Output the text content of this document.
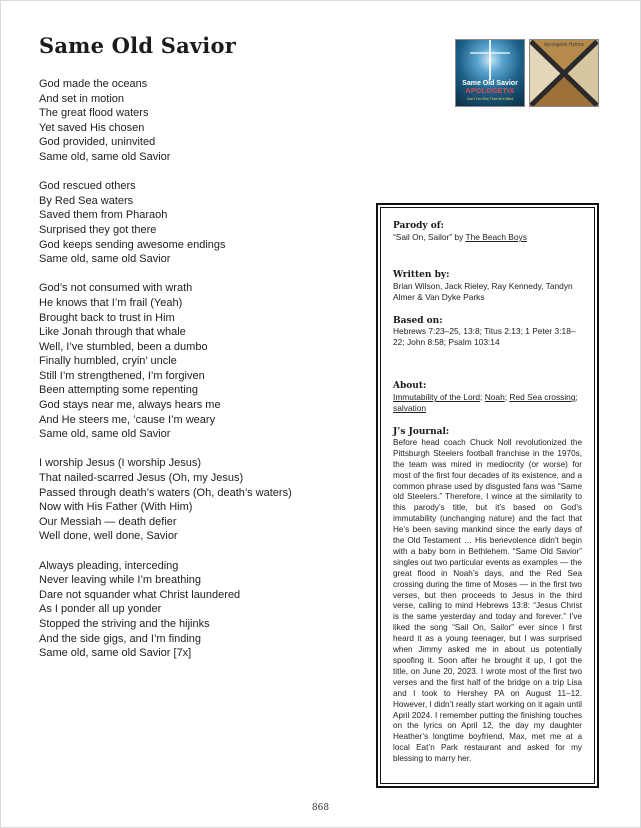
Same Old Savior
God made the oceans
And set in motion
The great flood waters
Yet saved His chosen
God provided, uninvited
Same old, same old Savior
God rescued others
By Red Sea waters
Saved them from Pharaoh
Surprised they got there
God keeps sending awesome endings
Same old, same old Savior
God’s not consumed with wrath
He knows that I’m frail (Yeah)
Brought back to trust in Him
Like Jonah through that whale
Well, I’ve stumbled, been a dumbo
Finally humbled, cryin’ uncle
Still I’m strengthened, I’m forgiven
Been attempting some repenting
God stays near me, always hears me
And He steers me, ’cause I’m weary
Same old, same old Savior
I worship Jesus (I worship Jesus)
That nailed-scarred Jesus (Oh, my Jesus)
Passed through death’s waters (Oh, death’s waters)
Now with His Father (With Him)
Our Messiah — death defier
Well done, well done, Savior
Always pleading, interceding
Never leaving while I’m breathing
Dare not squander what Christ laundered
As I ponder all up yonder
Stopped the striving and the hijinks
And the side gigs, and I’m finding
Same old, same old Savior [7x]
Same Old Savior
APOLOGETIX
Can't You See That He's Blind
Apologetix Hymns

Parody of:

“Sail On, Sailor” by The Beach Boys

Written by:

Brian Wilson, Jack Rieley, Ray Kennedy, Tandyn Almer & Van Dyke Parks

Based on:

Hebrews 7:23–25, 13:8; Titus 2:13; 1 Peter 3:18–22; John 8:58; Psalm 103:14

About:

Immutability of the Lord; Noah; Red Sea crossing; salvation

J’s Journal:

Before head coach Chuck Noll revolutionized the Pittsburgh Steelers football franchise in the 1970s, the team was mired in mediocrity (or worse) for most of the first four decades of its existence, and a common phrase used by disgusted fans was “Same old Steelers.” Therefore, I wince at the similarity to this parody’s title, but it’s based on God’s immutability (unchanging nature) and the fact that He’s been saving mankind since the early days of the Old Testament … His benevolence didn’t begin with a baby born in Bethlehem. “Same Old Savior” singles out two particular events as examples — the great flood in Noah’s days, and the Red Sea crossing during the time of Moses — in the first two verses, but then proceeds to Jesus in the third verse, calling to mind Hebrews 13:8: “Jesus Christ is the same yesterday and today and forever.” I’ve liked the song “Sail On, Sailor” ever since I first heard it as a young teenager, but I was surprised when Jimmy asked me in about us potentially spoofing it. Soon after he brought it up, I got the title, on June 20, 2023. I wrote most of the first two verses and the first half of the bridge on a trip Lisa and I took to Hershey PA on August 11–12. However, I didn’t really start working on it again until April 2024. I remember putting the finishing touches on the lyrics on April 12, the day my daughter Heather’s longtime boyfriend, Max, met me at a local Eat’n Park restaurant and asked for my blessing to marry her.
868
